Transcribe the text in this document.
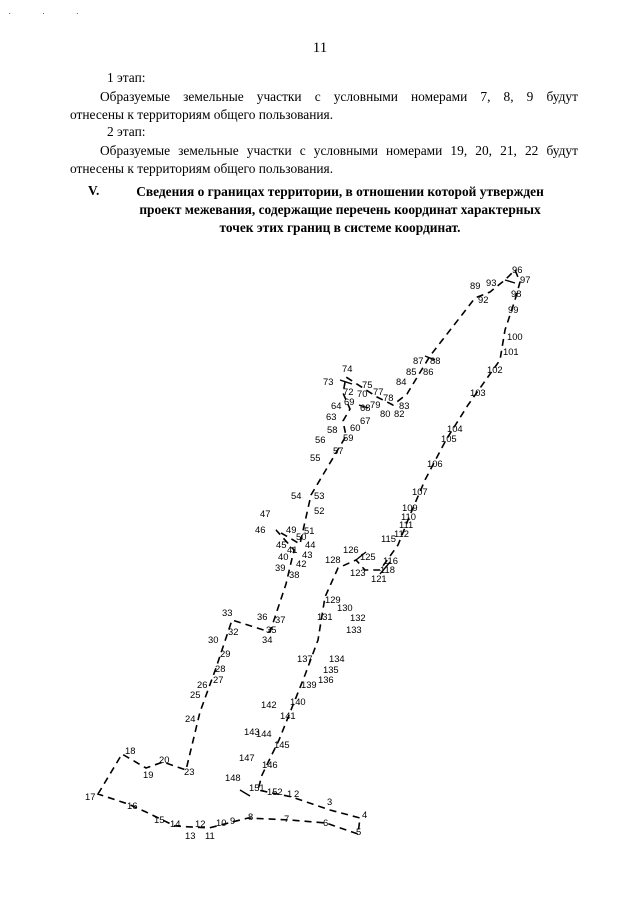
˙ ˙ ˙
11
1 этап:
Образуемые земельные участки с условными номерами 7, 8, 9 будут
отнесены к территориям общего пользования.
2 этап:
Образуемые земельные участки с условными номерами 19, 20, 21, 22 будут
отнесены к территориям общего пользования.
V.	Сведения о границах территории, в отношении которой утвержден
проект межевания, содержащие перечень координат характерных
точек этих границ в системе координат.
17
18
19
20
23
24
25
26 27
28
29
30
32
33
34
35
36 37
38
39
40
41
42
43
44
45
46
47
49
50
51
52
53
54
55
56
57
58
59
60
63
64
67
68
69
70
72
73
74
75
77
78
79
80 82
83
84
85 86
87 88
89
92
93
96
97
98
99
100
101
102
103
104
105
106
107
109
110
111
112
115
116
118
121
123
125
126
128
129
130
131 132
133
134
135
136
137
139
140
141
142
143
144
145
146
147
148
151 152 1 2
3
4
5
6
7
8
9
10
11
12
13
14
15
16
